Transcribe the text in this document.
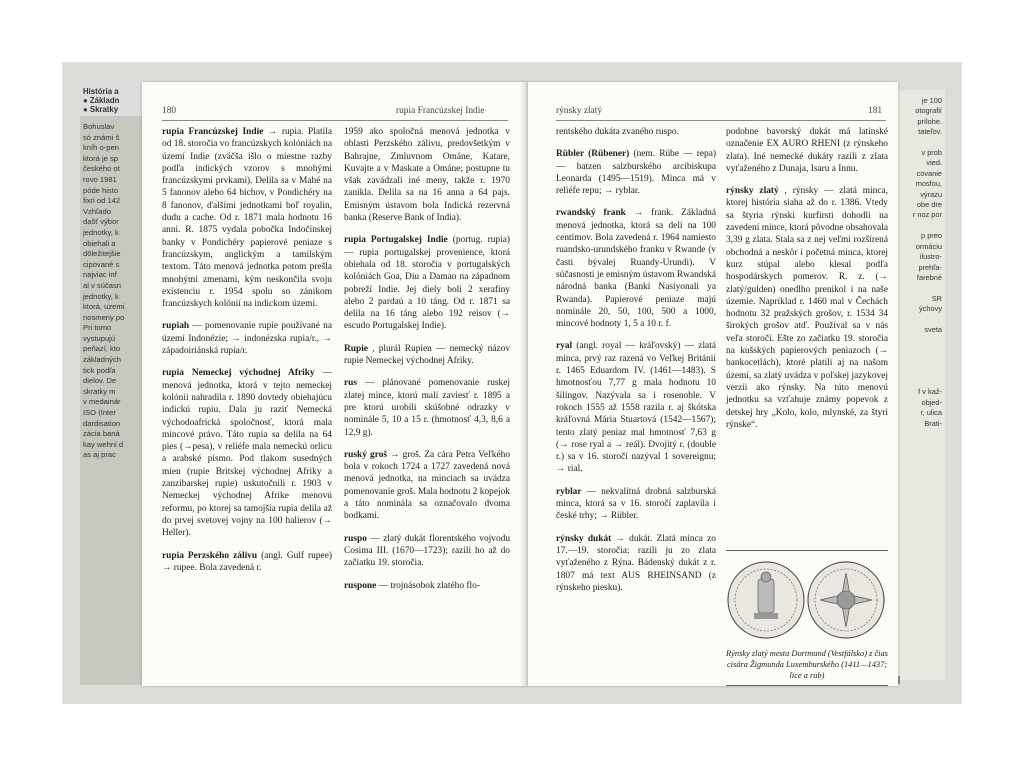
História a
● Základn
● Skratky
Bohuslav
só známi ŝ
kníh o-pen
ktorá je sp
českého ot
rovo 1981
póde histo
fixri od 142
Vzhľado
dašť výbor
jednotky, k
obiehali a
dôležitejšie
cipované s
najviac inf
al v súčasn
jednotky, k
ktorá, uzemi
nosmeny po
Pri tomo
vystupujú
peňazí, kto
základných
tick podľa
dielov. De
skratky m
v medainár
ISO (Inter
dardisation
zácia baná
kay wehni d
as aj prac
je 100
otografií
prílohe.
tateľov.

v prob
vied.
covanie
mosfou,
výrazu
obe dre
r noz por

p preo
ormáciu
ilustro-
prehľa-
farebné

SR
ýchovy

sveta

f v kaž-
objed-
r, ulica
Brati-
180	rupia Francúzskej Indie

rupia Francúzskej Indie → rupia. Platila od 18. storočia vo francúzskych kolóniách na území Indie (zväčša išlo o miestne razby podľa indických vzorov s mnohými francúzskymi prvkami). Delila sa v Mahé na 5 fanonov alebo 64 bichov, v Pondichéry na 8 fanonov, ďalšími jednotkami boľ royalin, dudu a cache. Od r. 1871 mala hodnotu 16 anni. R. 1875 vydala pobočka Indočínskej banky v Pondichéry papierové peniaze s francúzskym, anglickým a tamilským textom. Táto menová jednotka potom prešla mnohými zmenami, kým neskončila svoju existenciu r. 1954 spolu so zánikom francúzskych kolónií na indickom území.

rupiah — pomenovanie rupie používané na území Indonézie; → indonézska rupia/r., → západoiriánská rupia/r.

rupia Nemeckej východnej Afriky — menová jednotka, ktorá v tejto nemeckej kolónii nahradila r. 1890 dovtedy obiehajúcu indickú rupiu. Dala ju raziť Nemecká východoafrická spoločnosť, ktorá mala mincové právo. Táto rupia sa delila na 64 pies (→pesa), v reliéfe mala nemeckú orlicu a arabské písmo. Pod tlakom susedných mien (rupie Britskej východnej Afriky a zanzibarskej rupie) uskutočnili r. 1903 v Nemeckej východnej Afrike menovú reformu, po ktorej sa tamojšia rupia delila až do prvej svetovej vojny na 100 halierov (→ Heller).

rupia Perzského zálivu (angl. Gulf rupee) → rupee. Bola zavedená r.

1959 ako spoločná menová jednotka v oblasti Perzského zálivu, predovšetkým v Bahrajne, Zmluvnom Ománe, Katare, Kuvajte a v Maskate a Ománe; postupne tu však zavádzali iné meny, takže r. 1970 zanikla. Delila sa na 16 anna a 64 pajs. Emisným ústavom bola Indická rezervná banka (Reserve Bank of India).

rupia Portugalskej Indie (portug. rupia) — rupia portugalskej provenience, ktorá obiehala od 18. storočia v portugalských kolóniách Goa, Diu a Damao na západnom pobreží Indie. Jej diely boli 2 xerafiny alebo 2 pardaú a 10 táng. Od r. 1871 sa delila na 16 táng alebo 192 reisov (→ escudo Portugalskej Indie).

Rupie , plurál Rupien — nemecký názov rupie Nemeckej východnej Afriky.

rus — plánované pomenovanie ruskej zlatej mince, ktorú mali zaviesť r. 1895 a pre ktorú urobili skúšobné odrazky v nominále 5, 10 a 15 r. (hmotnosť 4,3, 8,6 a 12,9 g).

ruský groš → groš. Za cára Petra Veľkého bola v rokoch 1724 a 1727 zavedená nová menová jednotka, na minciach sa uvádza pomenovanie groš. Mala hodnotu 2 kopejok a táto nominála sa označovalo dvoma bodkami.

ruspo — zlatý dukát florentského vojvodu Cosima III. (1670—1723); razili ho až do začiatku 19. storočia.

ruspone — trojnásobok zlatého flo-

rýnsky zlatý	181

rentského dukáta zvaného ruspo.

Rübler (Rübener) (nem. Rübe — repa) — batzen salzburského arcibiskupa Leonarda (1495—1519). Minca má v reliéfe repu; → ryblar.

rwandský frank → frank. Základná menová jednotka, ktorá sa delí na 100 centimov. Bola zavedená r. 1964 namiesto ruandsko-urundského franku v Rwande (v časti bývalej Ruandy-Urundi). V súčasnosti je emisným ústavom Rwandská národná banka (Banki Nasiyonali ya Rwanda). Papierové peniaze majú nominále 20, 50, 100, 500 a 1000, mincové hodnoty 1, 5 a 10 r. f.

ryal (angl. royal — kráľovský) — zlatá minca, prvý raz razená vo Veľkej Británii r. 1465 Eduardom IV. (1461—1483). S hmotnosťou 7,77 g mala hodnotu 10 šilingov. Nazývala sa i rosenoble. V rokoch 1555 až 1558 razila r. aj škótska kráľovná Mária Stuartová (1542—1567); tento zlatý peniaz mal hmotnosť 7,63 g (→ rose ryal a → reál). Dvojitý r. (double r.) sa v 16. storočí nazýval 1 sovereignu; → rial.

ryblar — nekvalitná drobná salzburská minca, ktorá sa v 16. storočí zaplavila i české trhy; → Rübler.

rýnsky dukát → dukát. Zlatá minca zo 17.—19. storočia; razili ju zo zlata vyťaženého z Rýna. Bádenský dukát z r. 1807 má text AUS RHEINSAND (z rýnskeho piesku).

podobne bavorský dukát má latinské označenie EX AURO RHENI (z rýnskeho zlata). Iné nemecké dukáty razili z zlata vyťaženého z Dunaja, Isaru a Innu.

rýnsky zlatý , rýnsky — zlatá minca, ktorej história siaha až do r. 1386. Vtedy sa štyria rýnski kurfirsti dohodli na zavedení mince, ktorá pôvodne obsahovala 3,39 g zlata. Stala sa z nej veľmi rozšírená obchodná a neskôr i početná minca, ktorej kurz stúpal alebo klesal podľa hospodárskych pomerov. R. z. (→ zlatý/gulden) onedlho prenikol i na naše územie. Napríklad r. 1460 mal v Čechách hodnotu 32 pražských grošov, r. 1534 34 širokých grošov atď. Používal sa v nás veľa storočí. Ešte zo začiatku 19. storočia na kušských papierových peniazoch (→ bankocetlách), ktoré platili aj na našom území, sa zlatý uvádza v poľskej jazykovej verzii ako rýnsky. Na túto menovú jednotku sa vzťahuje známy popevok z detskej hry „Kolo, kolo, mlynské, za štyri rýnske“.

Rýnsky zlatý mesta Dortmund (Vestfálsko) z čias cisára Žigmunda Luxemburského (1411—1437; lice a rub)
